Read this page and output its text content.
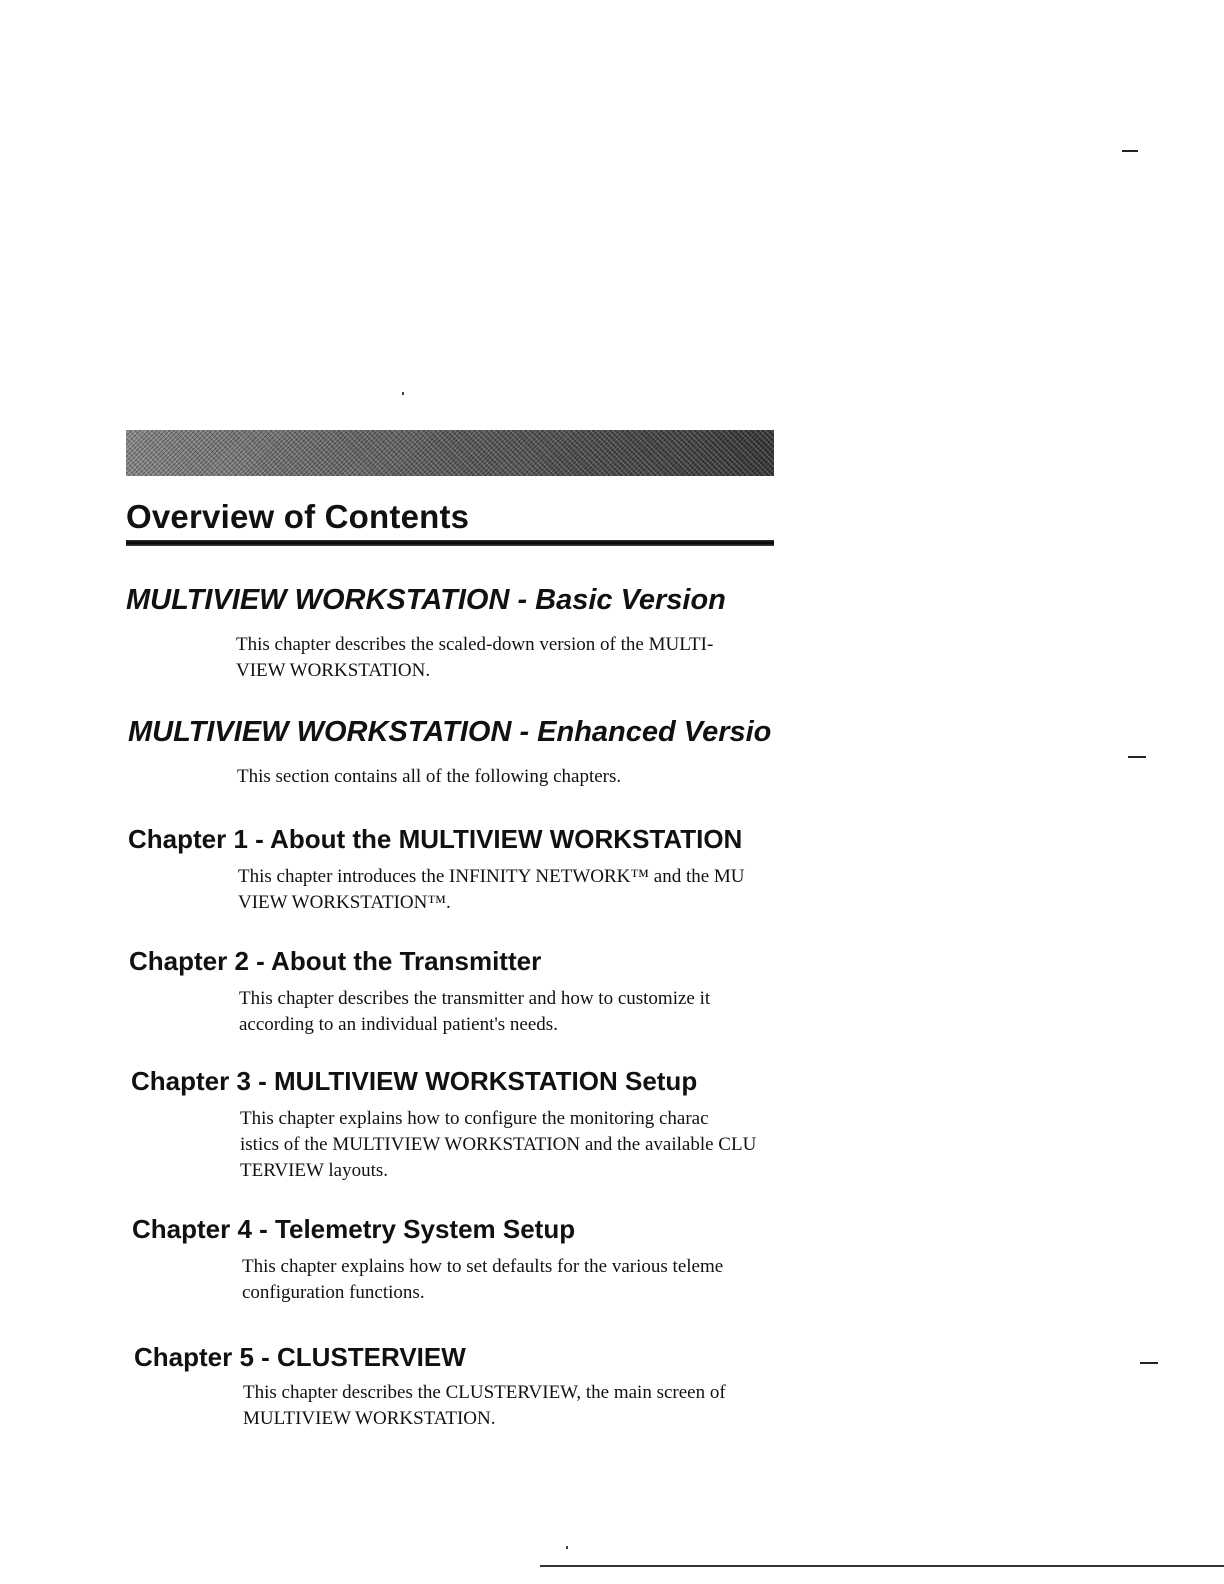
Overview of Contents
MULTIVIEW WORKSTATION - Basic Version
This chapter describes the scaled-down version of the MULTI-
VIEW WORKSTATION.
MULTIVIEW WORKSTATION - Enhanced Versio
This section contains all of the following chapters.
Chapter 1 - About the MULTIVIEW WORKSTATION
This chapter introduces the INFINITY NETWORK™ and the MU
VIEW WORKSTATION™.
Chapter 2 - About the Transmitter
This chapter describes the transmitter and how to customize it
according to an individual patient's needs.
Chapter 3 - MULTIVIEW WORKSTATION Setup
This chapter explains how to configure the monitoring charac
istics of the MULTIVIEW WORKSTATION and the available CLU
TERVIEW layouts.
Chapter 4 - Telemetry System Setup
This chapter explains how to set defaults for the various teleme
configuration functions.
Chapter 5 - CLUSTERVIEW
This chapter describes the CLUSTERVIEW, the main screen of
MULTIVIEW WORKSTATION.
